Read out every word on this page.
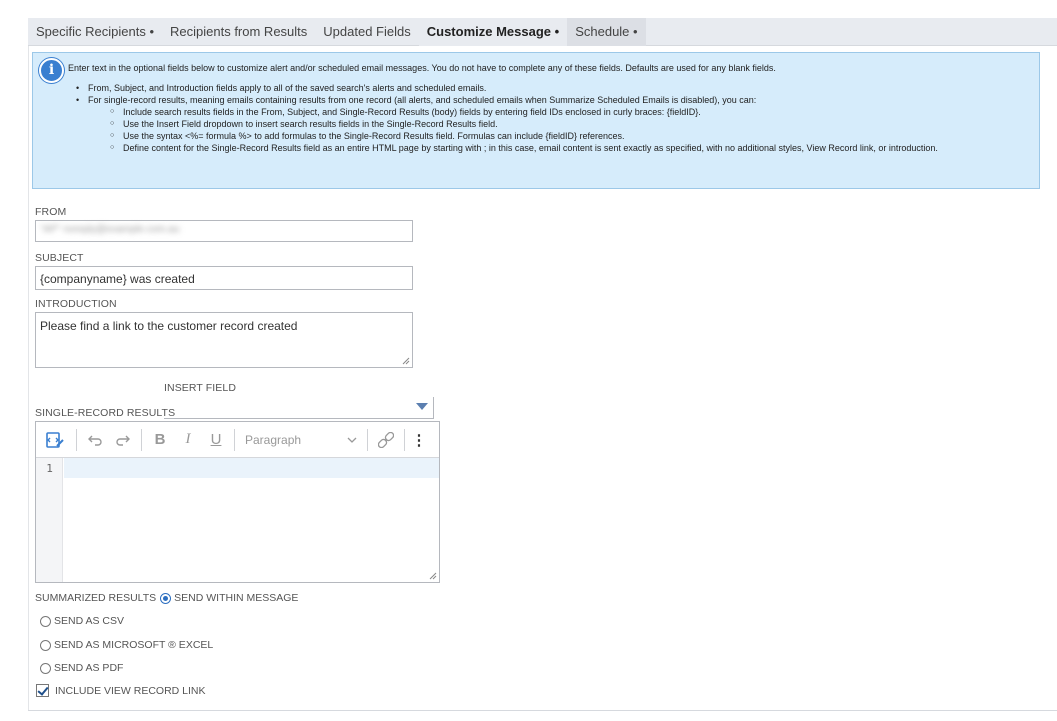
Specific Recipients •	Recipients from Results	Updated Fields	Customize Message •	Schedule •
i	Enter text in the optional fields below to customize alert and/or scheduled email messages. You do not have to complete any of these fields. Defaults are used for any blank fields.
• From, Subject, and Introduction fields apply to all of the saved search's alerts and scheduled emails.
• For single-record results, meaning emails containing results from one record (all alerts, and scheduled emails when Summarize Scheduled Emails is disabled), you can:
○ Include search results fields in the From, Subject, and Single-Record Results (body) fields by entering field IDs enclosed in curly braces: {fieldID}.
○ Use the Insert Field dropdown to insert search results fields in the Single-Record Results field.
○ Use the syntax <%= formula %> to add formulas to the Single-Record Results field. Formulas can include {fieldID} references.
○ Define content for the Single-Record Results field as an entire HTML page by starting with ; in this case, email content is sent exactly as specified, with no additional styles, View Record link, or introduction.
FROM
"AP" noreply@example.com.au
SUBJECT
{companyname} was created
INTRODUCTION
Please find a link to the customer record created
INSERT FIELD
SINGLE-RECORD RESULTS
B	I	U	Paragraph	⋮
1
SUMMARIZED RESULTS SEND WITHIN MESSAGE
SEND AS CSV
SEND AS MICROSOFT ® EXCEL
SEND AS PDF
INCLUDE VIEW RECORD LINK
